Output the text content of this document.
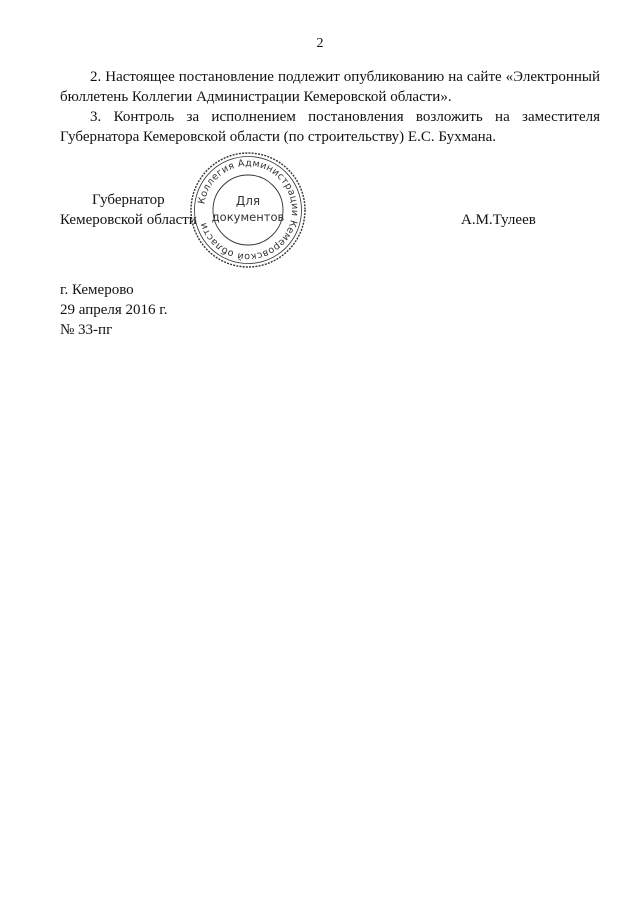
2

2. Настоящее постановление подлежит опубликованию на сайте «Электронный бюллетень Коллегии Администрации Кемеровской области».

3. Контроль за исполнением постановления возложить на заместителя Губернатора Кемеровской области (по строительству) Е.С. Бухмана.

Губернатор
Кемеровской области	А.М.Тулеев
Коллегия Администрации Кемеровской области
Для
документов
г. Кемерово
29 апреля 2016 г.
№ 33-пг
